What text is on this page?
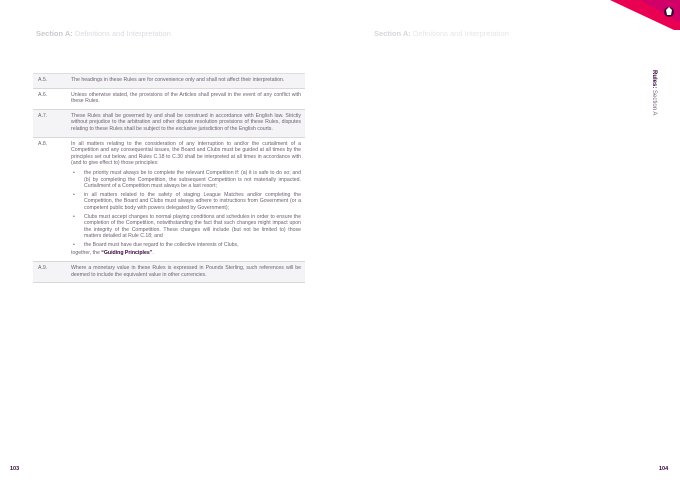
Section A: Definitions and Interpretation	Section A: Definitions and Interpretation
Rules: Section A
A.5.	The headings in these Rules are for convenience only and shall not affect their interpretation.
A.6.	Unless otherwise stated, the provisions of the Articles shall prevail in the event of any conflict with these Rules.
A.7.	These Rules shall be governed by and shall be construed in accordance with English law. Strictly without prejudice to the arbitration and other dispute resolution provisions of these Rules, disputes relating to these Rules shall be subject to the exclusive jurisdiction of the English courts.
A.8.	In all matters relating to the consideration of any interruption to and/or the curtailment of a Competition and any consequential issues, the Board and Clubs must be guided at all times by the principles set out below, and Rules C.18 to C.30 shall be interpreted at all times in accordance with (and to give effect to) those principles:
• the priority must always be to complete the relevant Competition if: (a) it is safe to do so; and (b) by completing the Competition, the subsequent Competition is not materially impacted. Curtailment of a Competition must always be a last resort;
• in all matters related to the safety of staging League Matches and/or completing the Competition, the Board and Clubs must always adhere to instructions from Government (or a competent public body with powers delegated by Government);
• Clubs must accept changes to normal playing conditions and schedules in order to ensure the completion of the Competition, notwithstanding the fact that such changes might impact upon the integrity of the Competition. These changes will include (but not be limited to) those matters detailed at Rule C.18; and
• the Board must have due regard to the collective interests of Clubs,
together, the “Guiding Principles”.
A.9.	Where a monetary value in these Rules is expressed in Pounds Sterling, such references will be deemed to include the equivalent value in other currencies.
103	104
